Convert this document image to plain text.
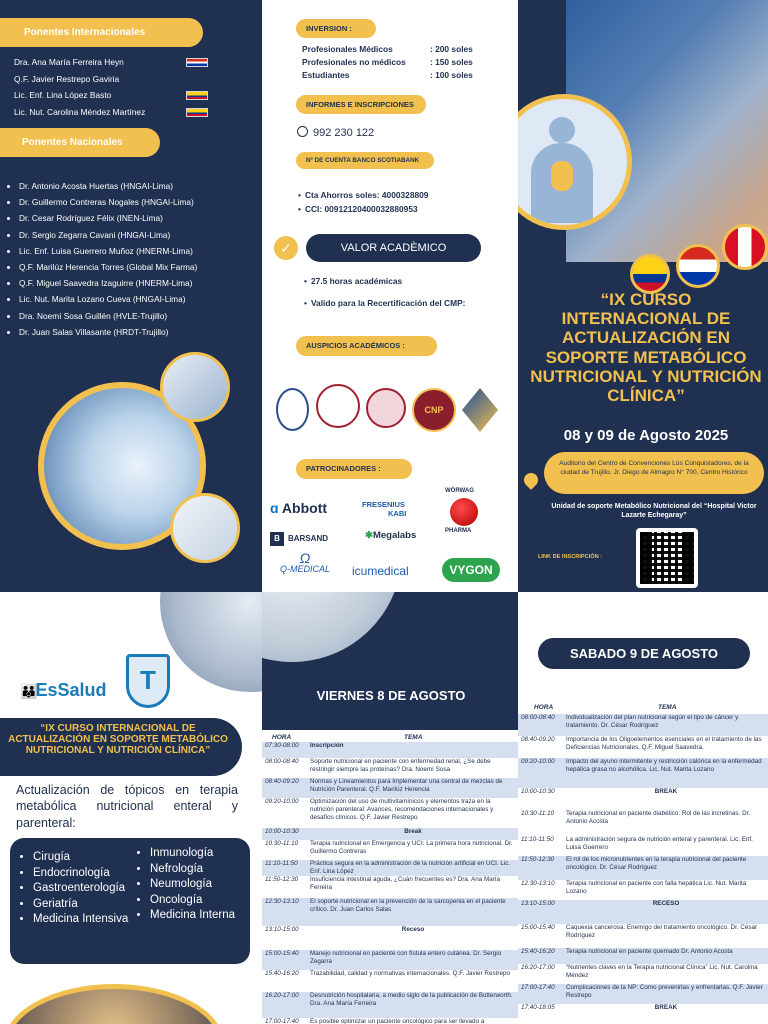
Ponentes Internacionales
Dra. Ana María Ferreira Heyn
Q.F. Javier Restrepo Gaviria
Lic. Enf. Lina López Basto
Lic. Nut. Carolina Méndez Martínez
Ponentes Nacionales
• Dr. Antonio Acosta Huertas (HNGAI-Lima)
• Dr. Guillermo Contreras Nogales (HNGAI-Lima)
• Dr. Cesar Rodríguez Félix (INEN-Lima)
• Dr. Sergio Zegarra Cavani (HNGAI-Lima)
• Lic. Enf. Luisa Guerrero Muñoz (HNERM-Lima)
• Q.F. Marilúz Herencia Torres (Global Mix Farma)
• Q.F. Miguel Saavedra Izaguirre (HNERM-Lima)
• Lic. Nut. Marita Lozano Cueva (HNGAI-Lima)
• Dra. Noemí Sosa Guillén (HVLE-Trujillo)
• Dr. Juan Salas Villasante (HRDT-Trujillo)
INVERSION :
Profesionales Médicos	: 200 soles
Profesionales no médicos	: 150 soles
Estudiantes	: 100 soles
INFORMES E INSCRIPCIONES
992 230 122
Nº DE CUENTA BANCO SCOTIABANK
• Cta Ahorros soles: 4000328809
• CCI: 00912120400032880953
✓	VALOR ACADÈMICO
• 27.5 horas académicas
• Valido para la Recertificación del CMP:
AUSPICIOS ACADÉMICOS :
CNP
PATROCINADORES :
ɑ Abbott	FRESENIUS
KABI
WÖRWAG
PHARMA
B BARSAND	✱Megalabs
Ω
Q-MEDICAL icumedical	VYGON
“IX CURSO INTERNACIONAL DE ACTUALIZACIÓN EN SOPORTE METABÓLICO NUTRICIONAL Y NUTRICIÓN CLÍNICA”
08 y 09 de Agosto 2025
Auditorio del Centro de Convenciones Los Conquistadores, de la ciudad de Trujillo. Jr. Diego de Almagro N° 700, Centro Histórico
Unidad de soporte Metabólico Nutricional del “Hospital Victor Lazarte Echegaray”
LINK DE INSCRIPCIÓN :
👪EsSalud	T
“IX CURSO INTERNACIONAL DE ACTUALIZACIÓN EN SOPORTE METABÓLICO NUTRICIONAL Y NUTRICIÓN CLÍNICA”
Actualización de tópicos en terapia metabólica nutricional enteral y parenteral:
• Cirugía
• Endocrinología
• Gastroenterología
• Geriatría
• Medicina Intensiva
• Inmunología
• Nefrología
• Neumología
• Oncología
• Medicina Interna
VIERNES 8 DE AGOSTO
HORA	TEMA
07:30-08:00 Inscripción
08:00-08:40 Soporte nutricional en paciente con enfermedad renal, ¿Se debe restringir siempre las proteínas? Dra. Noemí Sosa
08:40-09:20 Normas y Lineamientos para Implementar una central de mezclas de Nutrición Parenteral. Q.F. Marilúz Herencia
09:20-10:00 Optimización del uso de multivitamínicos y elementos traza en la nutrición parenteral: Avances, recomendaciones internacionales y desafíos clínicos. Q.F. Javier Restrepo
10:00-10:30	Break
10:30-11:10 Terapia nutricional en Emergencia y UCI: La primera hora nutricional. Dr. Guillermo Contreras
11:10-11:50 Práctica segura en la administración de la nutrición artificial en UCI. Lic. Enf. Lina López
11:50-12:30 Insuficiencia intestinal aguda, ¿Cuán frecuentes es? Dra. Ana María Ferreira
12:30-13:10 El soporte nutricional en la prevención de la sarcopenia en el paciente crítico. Dr. Juan Carlos Salas
13:10-15:00	Receso
15:00-15:40 Manejo nutricional en paciente con fístula entero cutánea. Dr. Sergio Zegarra
15:40-16:20 Trazabilidad, calidad y normativas internacionales. Q.F. Javier Restrepo
16:20-17:00 Desnutrición hospitalaria, a medio siglo de la publicación de Butterworth. Dra. Ana María Ferreira
17:00-17:40 Es posible optimizar un paciente oncológico para ser llevado a
SABADO 9 DE AGOSTO
HORA	TEMA
08:00-08:40 Individualización del plan nutricional según el tipo de cáncer y tratamiento. Dr. César Rodríguez
08:40-09:20 Importancia de los Oligoelementos esenciales en el tratamiento de las Deficiencias Nutricionales. Q.F. Miguel Saavedra.
09:20-10:00 Impacto del ayuno intermitente y restricción calórica en la enfermedad hepática grasa no alcohólica. Lic. Nut. Marita Lozano
10:00-10:30	BREAK
10:30-11:10 Terapia nutricional en paciente diabético: Rol de las incretinas. Dr. Antonio Acosta
11:10-11:50 La administración segura de nutrición enteral y parenteral. Lic. Enf. Luisa Guerrero
11:50-12:30 El rol de los micronutrientes en la terapia nutricional del paciente oncológico. Dr. César Rodríguez
12:30-13:10 Terapia nutricional en paciente con falla hepática Lic. Nut. Marita Lozano
13:10-15:00	RECESO
15:00-15:40 Caquexia cancerosa. Enemigo del tratamiento oncológico. Dr. César Rodríguez
15:40-16:20 Terapia nutricional en paciente quemado Dr. Antonio Acosta
16:20-17:00 “Nutrientes claves en la Terapia nutricional Clínica” Lic. Nut. Carolina Méndez
17:00-17:40 Complicaciones de la NP: Como prevenirlas y enfrentarlas. Q.F. Javier Restrepo
17:40-18:05	BREAK
